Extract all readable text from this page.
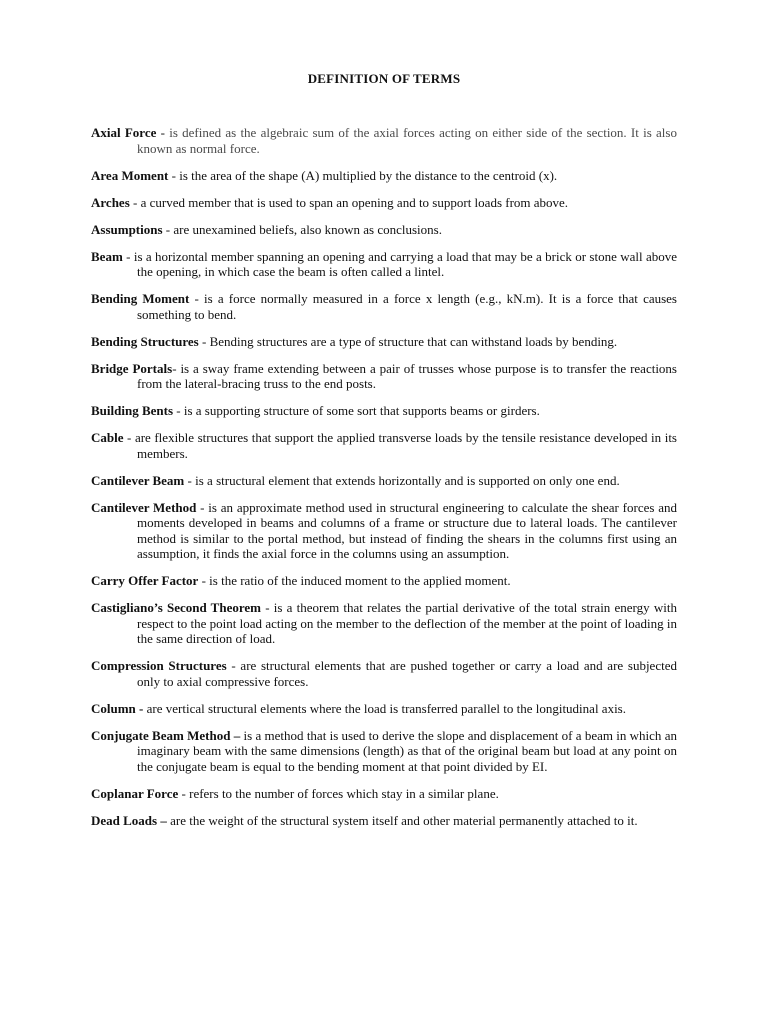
DEFINITION OF TERMS

Axial Force - is defined as the algebraic sum of the axial forces acting on either side of the section. It is also known as normal force.

Area Moment - is the area of the shape (A) multiplied by the distance to the centroid (x).

Arches - a curved member that is used to span an opening and to support loads from above.

Assumptions - are unexamined beliefs, also known as conclusions.

Beam - is a horizontal member spanning an opening and carrying a load that may be a brick or stone wall above the opening, in which case the beam is often called a lintel.

Bending Moment - is a force normally measured in a force x length (e.g., kN.m). It is a force that causes something to bend.

Bending Structures - Bending structures are a type of structure that can withstand loads by bending.

Bridge Portals- is a sway frame extending between a pair of trusses whose purpose is to transfer the reactions from the lateral-bracing truss to the end posts.

Building Bents - is a supporting structure of some sort that supports beams or girders.

Cable - are flexible structures that support the applied transverse loads by the tensile resistance developed in its members.

Cantilever Beam - is a structural element that extends horizontally and is supported on only one end.

Cantilever Method - is an approximate method used in structural engineering to calculate the shear forces and moments developed in beams and columns of a frame or structure due to lateral loads. The cantilever method is similar to the portal method, but instead of finding the shears in the columns first using an assumption, it finds the axial force in the columns using an assumption.

Carry Offer Factor - is the ratio of the induced moment to the applied moment.

Castigliano’s Second Theorem - is a theorem that relates the partial derivative of the total strain energy with respect to the point load acting on the member to the deflection of the member at the point of loading in the same direction of load.

Compression Structures - are structural elements that are pushed together or carry a load and are subjected only to axial compressive forces.

Column - are vertical structural elements where the load is transferred parallel to the longitudinal axis.

Conjugate Beam Method – is a method that is used to derive the slope and displacement of a beam in which an imaginary beam with the same dimensions (length) as that of the original beam but load at any point on the conjugate beam is equal to the bending moment at that point divided by EI.

Coplanar Force - refers to the number of forces which stay in a similar plane.

Dead Loads – are the weight of the structural system itself and other material permanently attached to it.
